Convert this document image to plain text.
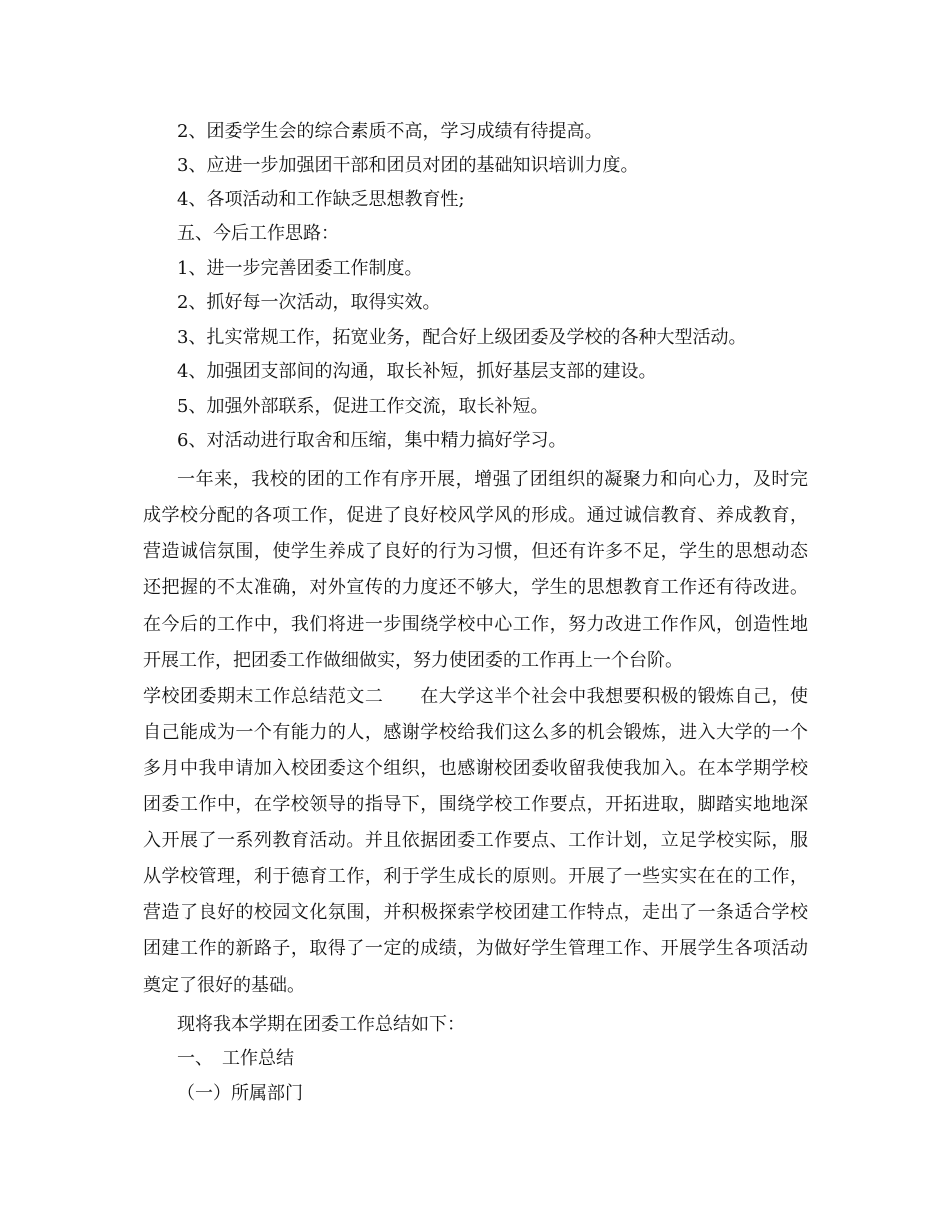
2、团委学生会的综合素质不高，学习成绩有待提高。
3、应进一步加强团干部和团员对团的基础知识培训力度。
4、各项活动和工作缺乏思想教育性;
五、今后工作思路：
1、进一步完善团委工作制度。
2、抓好每一次活动，取得实效。
3、扎实常规工作，拓宽业务，配合好上级团委及学校的各种大型活动。
4、加强团支部间的沟通，取长补短，抓好基层支部的建设。
5、加强外部联系，促进工作交流，取长补短。
6、对活动进行取舍和压缩，集中精力搞好学习。
一年来，我校的团的工作有序开展，增强了团组织的凝聚力和向心力，及时完
成学校分配的各项工作，促进了良好校风学风的形成。通过诚信教育、养成教育，
营造诚信氛围，使学生养成了良好的行为习惯，但还有许多不足，学生的思想动态
还把握的不太准确，对外宣传的力度还不够大，学生的思想教育工作还有待改进。
在今后的工作中，我们将进一步围绕学校中心工作，努力改进工作作风，创造性地
开展工作，把团委工作做细做实，努力使团委的工作再上一个台阶。
学校团委期末工作总结范文二　　在大学这半个社会中我想要积极的锻炼自己，使
自己能成为一个有能力的人，感谢学校给我们这么多的机会锻炼，进入大学的一个
多月中我申请加入校团委这个组织，也感谢校团委收留我使我加入。在本学期学校
团委工作中，在学校领导的指导下，围绕学校工作要点，开拓进取，脚踏实地地深
入开展了一系列教育活动。并且依据团委工作要点、工作计划，立足学校实际，服
从学校管理，利于德育工作，利于学生成长的原则。开展了一些实实在在的工作，
营造了良好的校园文化氛围，并积极探索学校团建工作特点，走出了一条适合学校
团建工作的新路子，取得了一定的成绩，为做好学生管理工作、开展学生各项活动
奠定了很好的基础。
现将我本学期在团委工作总结如下：
一、　工作总结
（一）所属部门
